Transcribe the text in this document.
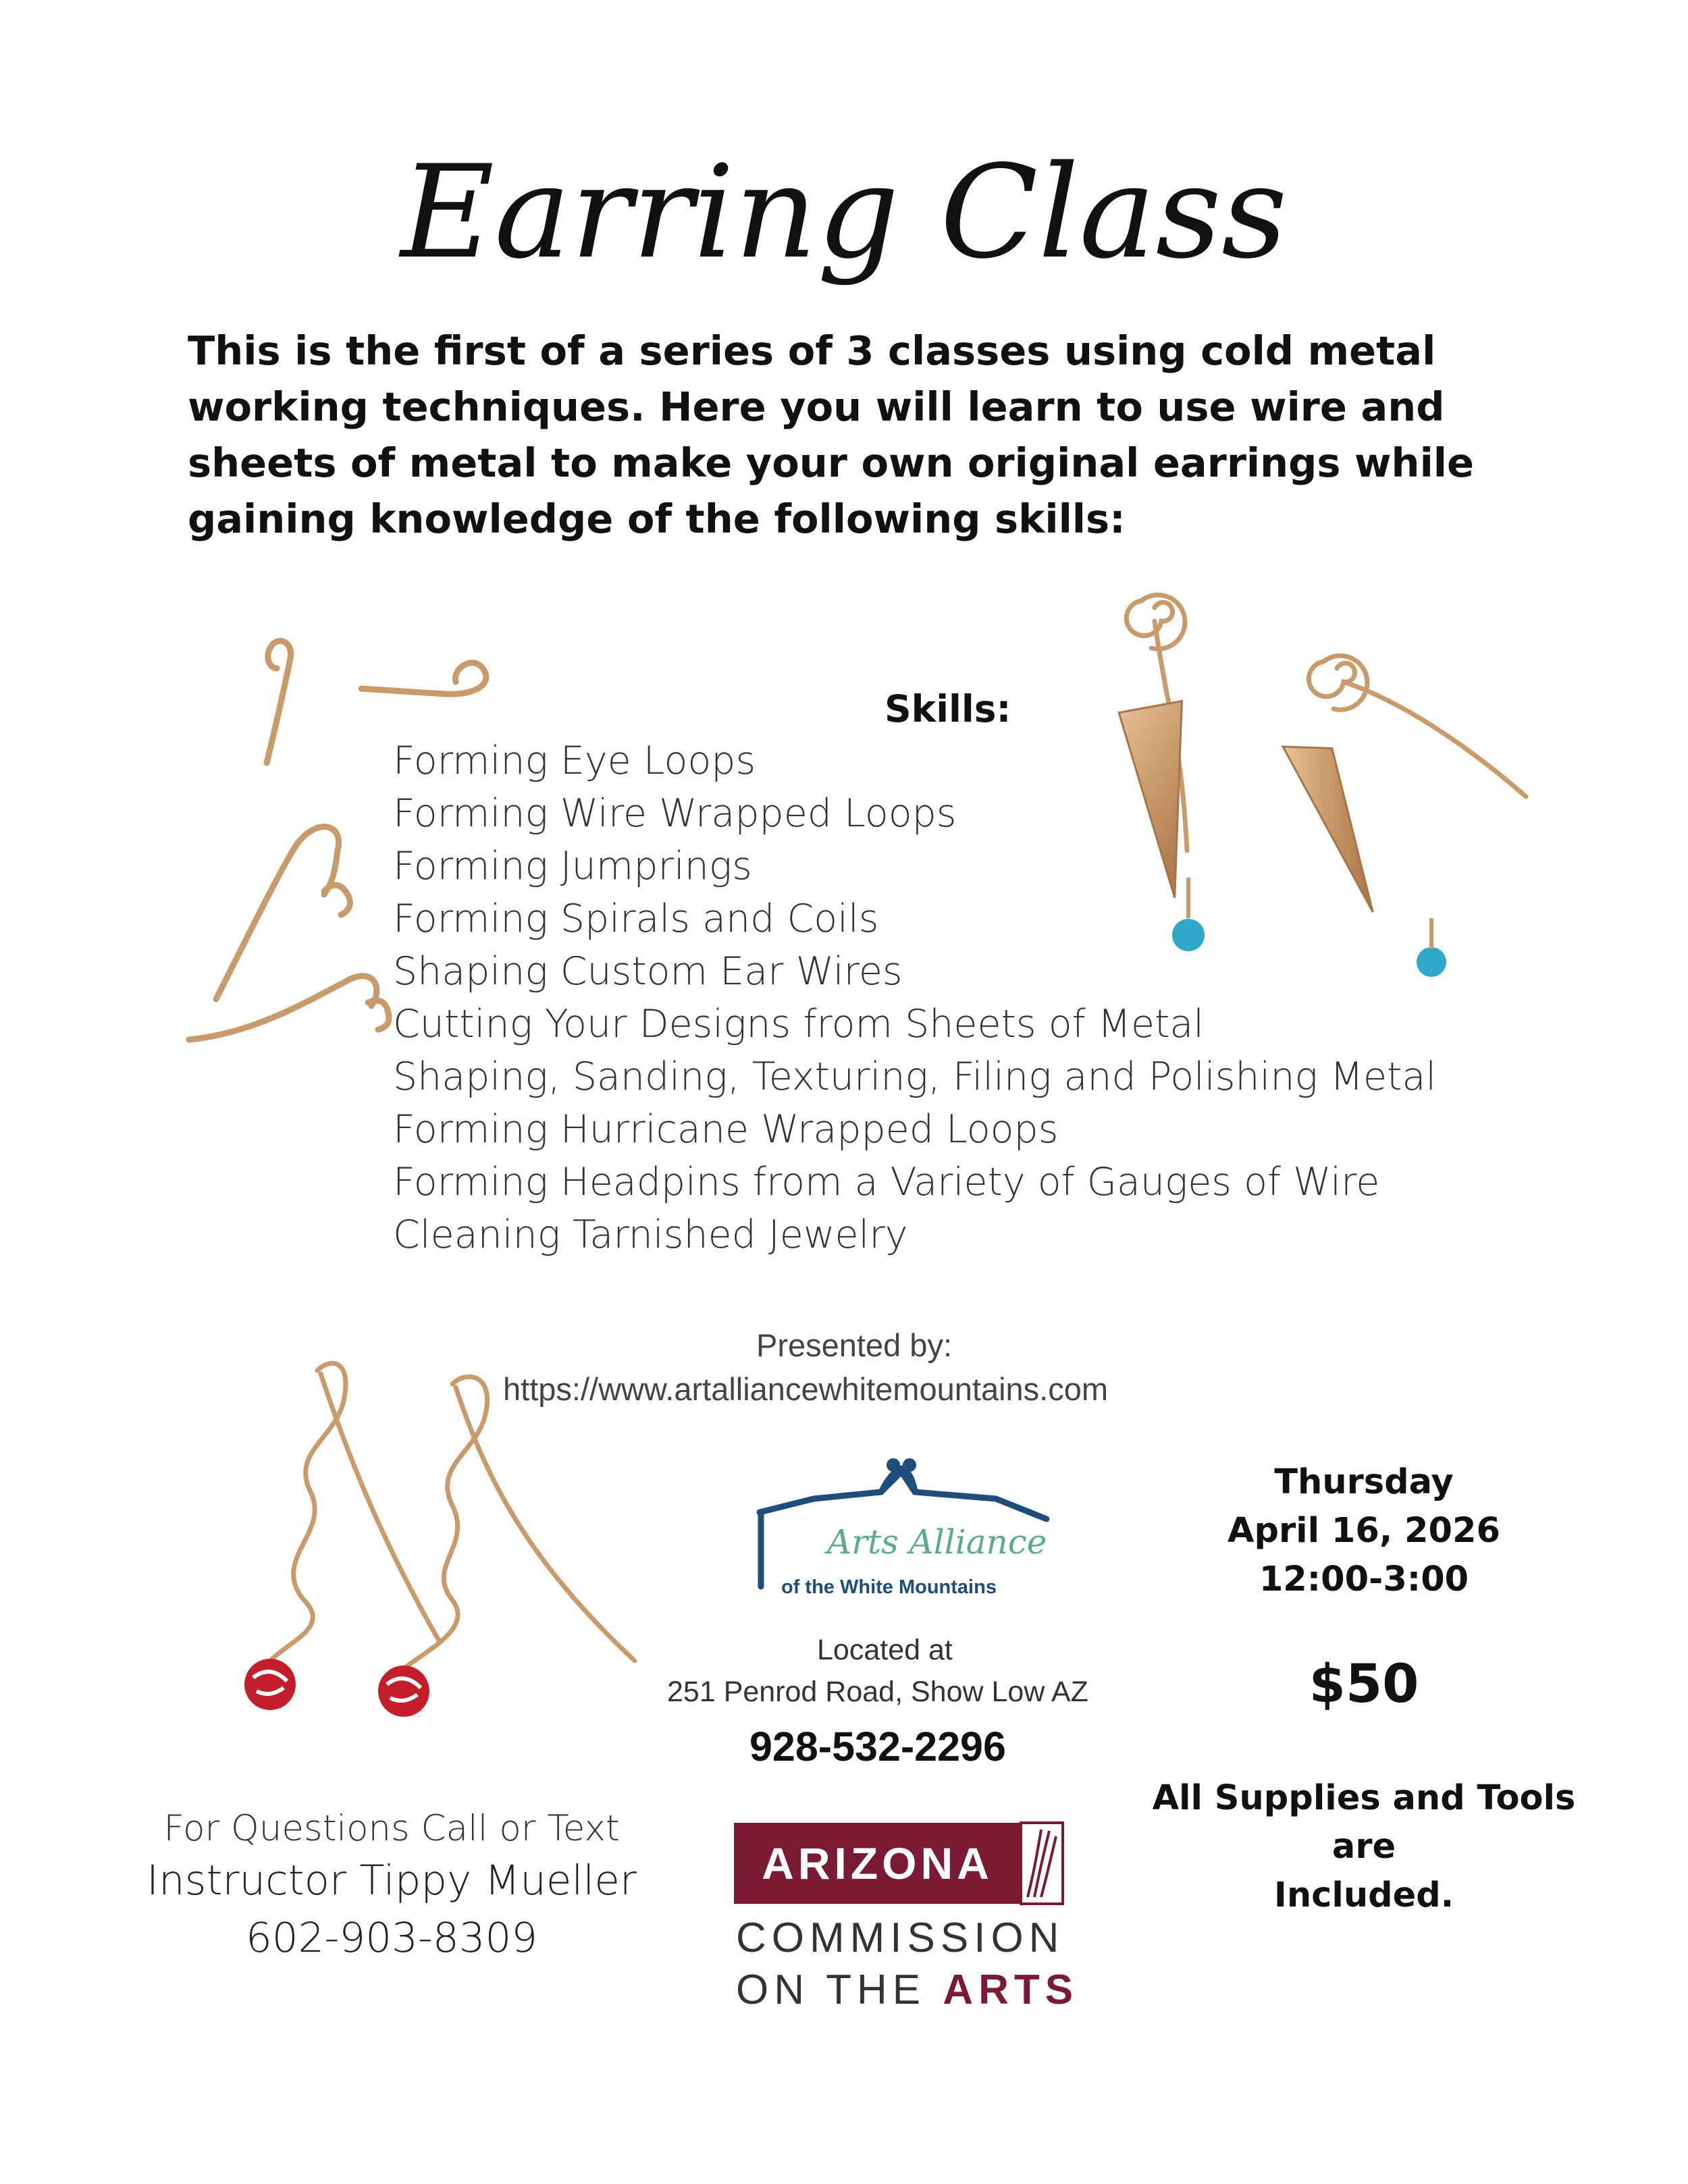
Earring Class
This is the first of a series of 3 classes using cold metal
working techniques. Here you will learn to use wire and
sheets of metal to make your own original earrings while
gaining knowledge of the following skills:
Skills:
Forming Eye Loops
Forming Wire Wrapped Loops
Forming Jumprings
Forming Spirals and Coils
Shaping Custom Ear Wires
Cutting Your Designs from Sheets of Metal
Shaping, Sanding, Texturing, Filing and Polishing Metal
Forming Hurricane Wrapped Loops
Forming Headpins from a Variety of Gauges of Wire
Cleaning Tarnished Jewelry
Presented by:
https://www.artalliancewhitemountains.com
Arts Alliance
of the White Mountains
Located at
251 Penrod Road, Show Low AZ
928-532-2296
Thursday
April 16, 2026
12:00-3:00
$50
All Supplies and Tools
are
Included.
For Questions Call or Text
Instructor Tippy Mueller
602-903-8309
ARIZONA
COMMISSION
ON THE ARTS
